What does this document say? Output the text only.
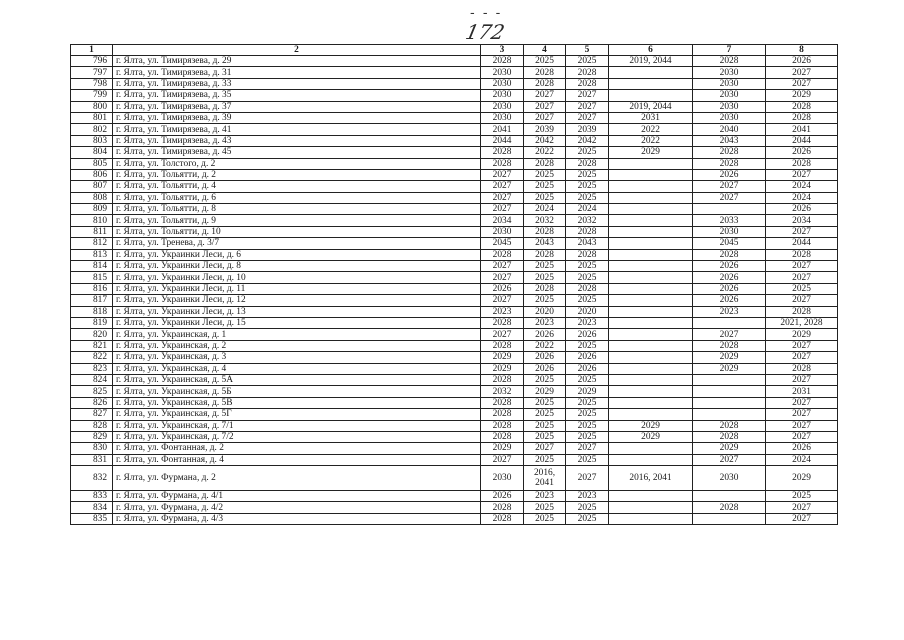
- - -
172
1	2	3	4	5	6	7	8
796	г. Ялта, ул. Тимирязева, д. 29	2028	2025	2025	2019, 2044	2028	2026
797	г. Ялта, ул. Тимирязева, д. 31	2030	2028	2028		2030	2027
798	г. Ялта, ул. Тимирязева, д. 33	2030	2028	2028		2030	2027
799	г. Ялта, ул. Тимирязева, д. 35	2030	2027	2027		2030	2029
800	г. Ялта, ул. Тимирязева, д. 37	2030	2027	2027	2019, 2044	2030	2028
801	г. Ялта, ул. Тимирязева, д. 39	2030	2027	2027	2031	2030	2028
802	г. Ялта, ул. Тимирязева, д. 41	2041	2039	2039	2022	2040	2041
803	г. Ялта, ул. Тимирязева, д. 43	2044	2042	2042	2022	2043	2044
804	г. Ялта, ул. Тимирязева, д. 45	2028	2022	2025	2029	2028	2026
805	г. Ялта, ул. Толстого, д. 2	2028	2028	2028		2028	2028
806	г. Ялта, ул. Тольятти, д. 2	2027	2025	2025		2026	2027
807	г. Ялта, ул. Тольятти, д. 4	2027	2025	2025		2027	2024
808	г. Ялта, ул. Тольятти, д. 6	2027	2025	2025		2027	2024
809	г. Ялта, ул. Тольятти, д. 8	2027	2024	2024			2026
810	г. Ялта, ул. Тольятти, д. 9	2034	2032	2032		2033	2034
811	г. Ялта, ул. Тольятти, д. 10	2030	2028	2028		2030	2027
812	г. Ялта, ул. Тренева, д. 3/7	2045	2043	2043		2045	2044
813	г. Ялта, ул. Украинки Леси, д. 6	2028	2028	2028		2028	2028
814	г. Ялта, ул. Украинки Леси, д. 8	2027	2025	2025		2026	2027
815	г. Ялта, ул. Украинки Леси, д. 10	2027	2025	2025		2026	2027
816	г. Ялта, ул. Украинки Леси, д. 11	2026	2028	2028		2026	2025
817	г. Ялта, ул. Украинки Леси, д. 12	2027	2025	2025		2026	2027
818	г. Ялта, ул. Украинки Леси, д. 13	2023	2020	2020		2023	2028
819	г. Ялта, ул. Украинки Леси, д. 15	2028	2023	2023			2021, 2028
820	г. Ялта, ул. Украинская, д. 1	2027	2026	2026		2027	2029
821	г. Ялта, ул. Украинская, д. 2	2028	2022	2025		2028	2027
822	г. Ялта, ул. Украинская, д. 3	2029	2026	2026		2029	2027
823	г. Ялта, ул. Украинская, д. 4	2029	2026	2026		2029	2028
824	г. Ялта, ул. Украинская, д. 5А	2028	2025	2025			2027
825	г. Ялта, ул. Украинская, д. 5Б	2032	2029	2029			2031
826	г. Ялта, ул. Украинская, д. 5В	2028	2025	2025			2027
827	г. Ялта, ул. Украинская, д. 5Г	2028	2025	2025			2027
828	г. Ялта, ул. Украинская, д. 7/1	2028	2025	2025	2029	2028	2027
829	г. Ялта, ул. Украинская, д. 7/2	2028	2025	2025	2029	2028	2027
830	г. Ялта, ул. Фонтанная, д. 2	2029	2027	2027		2029	2026
831	г. Ялта, ул. Фонтанная, д. 4	2027	2025	2025		2027	2024
832	г. Ялта, ул. Фурмана, д. 2	2030	2016, 2041	2027	2016, 2041	2030	2029
833	г. Ялта, ул. Фурмана, д. 4/1	2026	2023	2023			2025
834	г. Ялта, ул. Фурмана, д. 4/2	2028	2025	2025		2028	2027
835	г. Ялта, ул. Фурмана, д. 4/3	2028	2025	2025			2027
